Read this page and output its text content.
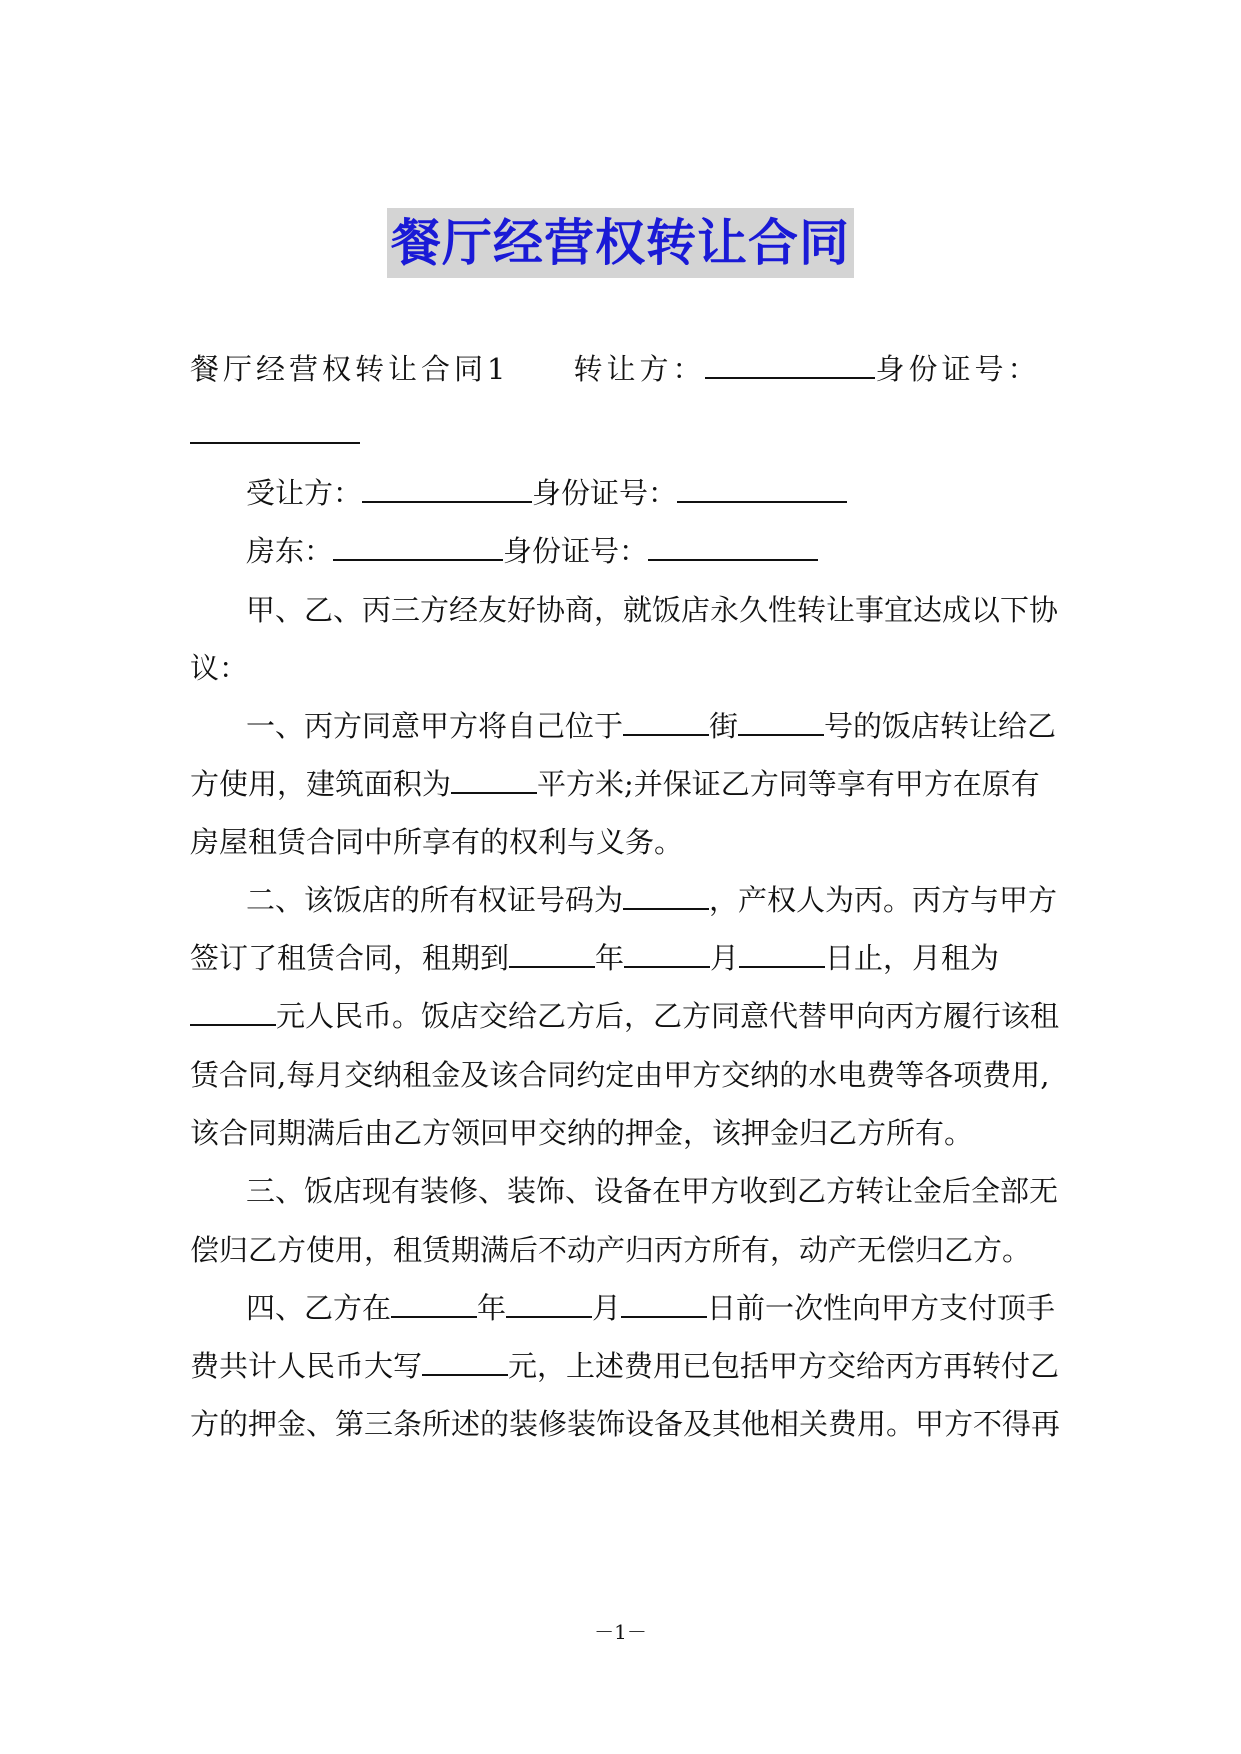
餐厅经营权转让合同
餐厅经营权转让合同1 转让方：	身份证号：
受让方：	身份证号：
房东：	身份证号：
甲、乙、丙三方经友好协商，就饭店永久性转让事宜达成以下协
议：
一、丙方同意甲方将自己位于	街	号的饭店转让给乙
方使用，建筑面积为	平方米;并保证乙方同等享有甲方在原有
房屋租赁合同中所享有的权利与义务。
二、该饭店的所有权证号码为	，产权人为丙。丙方与甲方
签订了租赁合同，租期到	年	月	日止，月租为
元人民币。饭店交给乙方后，乙方同意代替甲向丙方履行该租
赁合同,每月交纳租金及该合同约定由甲方交纳的水电费等各项费用,
该合同期满后由乙方领回甲交纳的押金，该押金归乙方所有。
三、饭店现有装修、装饰、设备在甲方收到乙方转让金后全部无
偿归乙方使用，租赁期满后不动产归丙方所有，动产无偿归乙方。
四、乙方在	年	月	日前一次性向甲方支付顶手
费共计人民币大写	元，上述费用已包括甲方交给丙方再转付乙
方的押金、第三条所述的装修装饰设备及其他相关费用。甲方不得再
－1－
